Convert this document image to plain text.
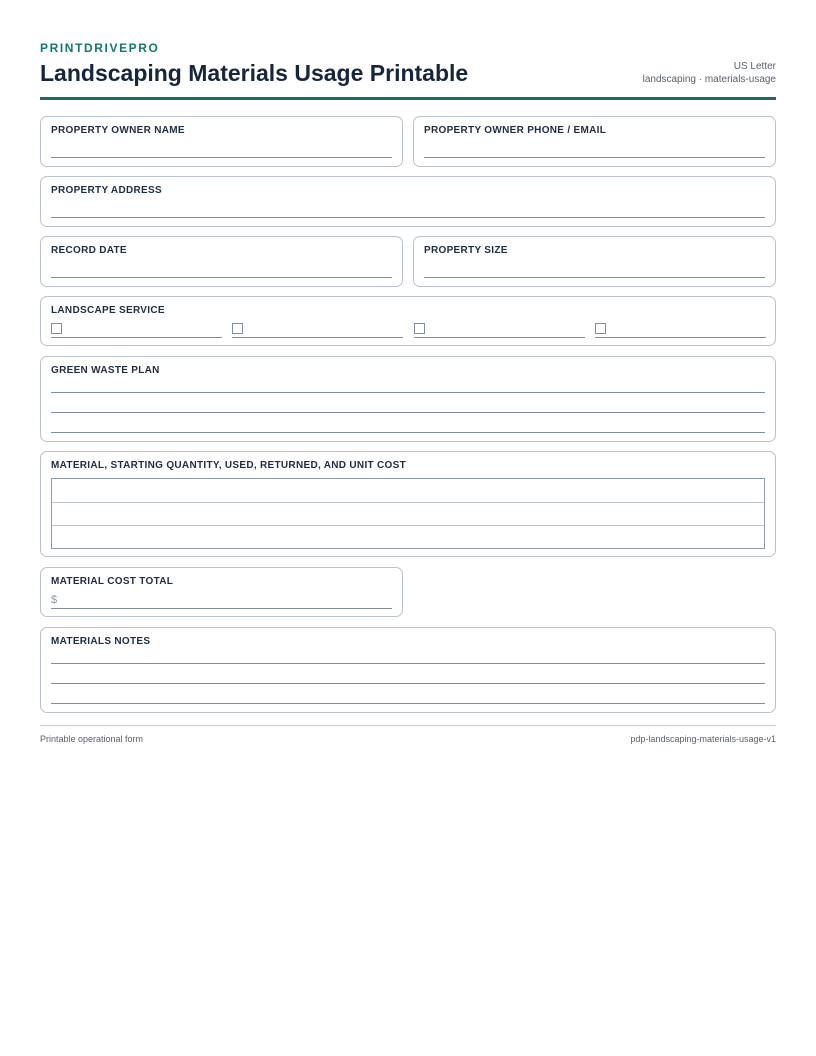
PRINTDRIVEPRO
Landscaping Materials Usage Printable	US Letter
landscaping · materials-usage
PROPERTY OWNER NAME	PROPERTY OWNER PHONE / EMAIL
PROPERTY ADDRESS
RECORD DATE	PROPERTY SIZE
LANDSCAPE SERVICE
GREEN WASTE PLAN
MATERIAL, STARTING QUANTITY, USED, RETURNED, AND UNIT COST
MATERIAL COST TOTAL
$
MATERIALS NOTES
Printable operational form	pdp-landscaping-materials-usage-v1
